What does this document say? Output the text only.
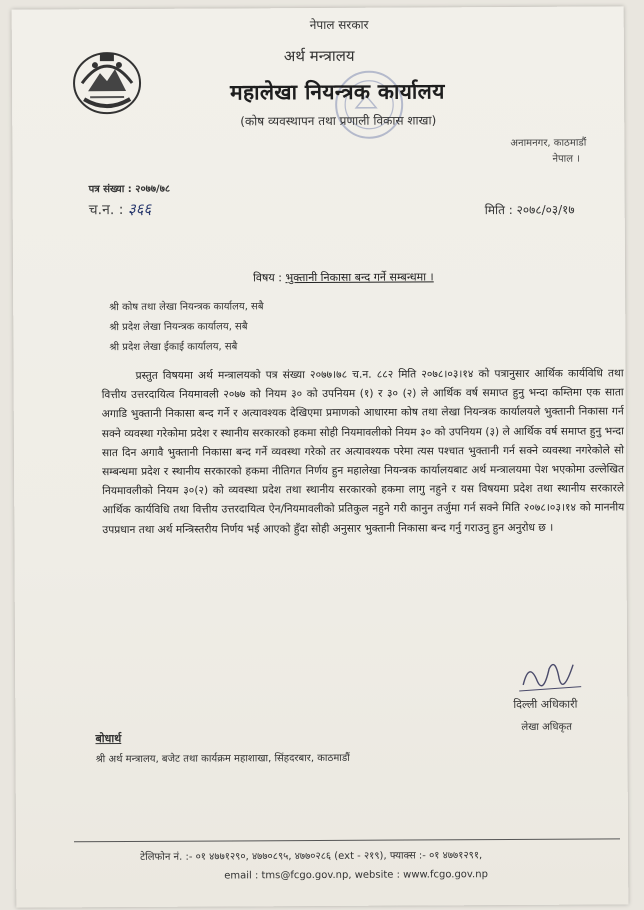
नेपाल सरकार
अर्थ मन्त्रालय
महालेखा नियन्त्रक कार्यालय
(कोष व्यवस्थापन तथा प्रणाली विकास शाखा)
अनामनगर, काठमाडौं
नेपाल ।
पत्र संख्या : २०७७/७८
च.न. : ३६६	मिति : २०७८/०३/१७
विषय : भुक्तानी निकासा बन्द गर्ने सम्बन्धमा ।
श्री कोष तथा लेखा नियन्त्रक कार्यालय, सबै
श्री प्रदेश लेखा नियन्त्रक कार्यालय, सबै
श्री प्रदेश लेखा ईकाई कार्यालय, सबै
प्रस्तुत विषयमा अर्थ मन्त्रालयको पत्र संख्या २०७७।७८ च.न. ८८२ मिति २०७८।०३।१४ को पत्रानुसार आर्थिक कार्यविधि तथा वित्तीय उत्तरदायित्व नियमावली २०७७ को नियम ३० को उपनियम (१) र ३० (२) ले आर्थिक वर्ष समाप्त हुनु भन्दा कम्तिमा एक साता अगाडि भुक्तानी निकासा बन्द गर्ने र अत्यावश्यक देखिएमा प्रमाणको आधारमा कोष तथा लेखा नियन्त्रक कार्यालयले भुक्तानी निकासा गर्न सक्ने व्यवस्था गरेकोमा प्रदेश र स्थानीय सरकारको हकमा सोही नियमावलीको नियम ३० को उपनियम (३) ले आर्थिक वर्ष समाप्त हुनु भन्दा सात दिन अगावै भुक्तानी निकासा बन्द गर्ने व्यवस्था गरेको तर अत्यावश्यक परेमा त्यस पश्चात भुक्तानी गर्न सक्ने व्यवस्था नगरेकोले सो सम्बन्धमा प्रदेश र स्थानीय सरकारको हकमा नीतिगत निर्णय हुन महालेखा नियन्त्रक कार्यालयबाट अर्थ मन्त्रालयमा पेश भएकोमा उल्लेखित नियमावलीको नियम ३०(२) को व्यवस्था प्रदेश तथा स्थानीय सरकारको हकमा लागु नहुने र यस विषयमा प्रदेश तथा स्थानीय सरकारले आर्थिक कार्यविधि तथा वित्तीय उत्तरदायित्व ऐन/नियमावलीको प्रतिकुल नहुने गरी कानुन तर्जुमा गर्न सक्ने मिति २०७८।०३।१४ को माननीय उपप्रधान तथा अर्थ मन्त्रिस्तरीय निर्णय भई आएको हुँदा सोही अनुसार भुक्तानी निकासा बन्द गर्नु गराउनु हुन अनुरोध छ ।
दिल्ली अधिकारी
लेखा अधिकृत
बोधार्थ
श्री अर्थ मन्त्रालय, बजेट तथा कार्यक्रम महाशाखा, सिंहदरबार, काठमाडौं
टेलिफोन नं. :- ०१ ४७७१२९०, ४७७०८९५, ४७७०२८६ (ext - २१९), फ्याक्स :- ०१ ४७७१२९१,
email : tms@fcgo.gov.np, website : www.fcgo.gov.np
